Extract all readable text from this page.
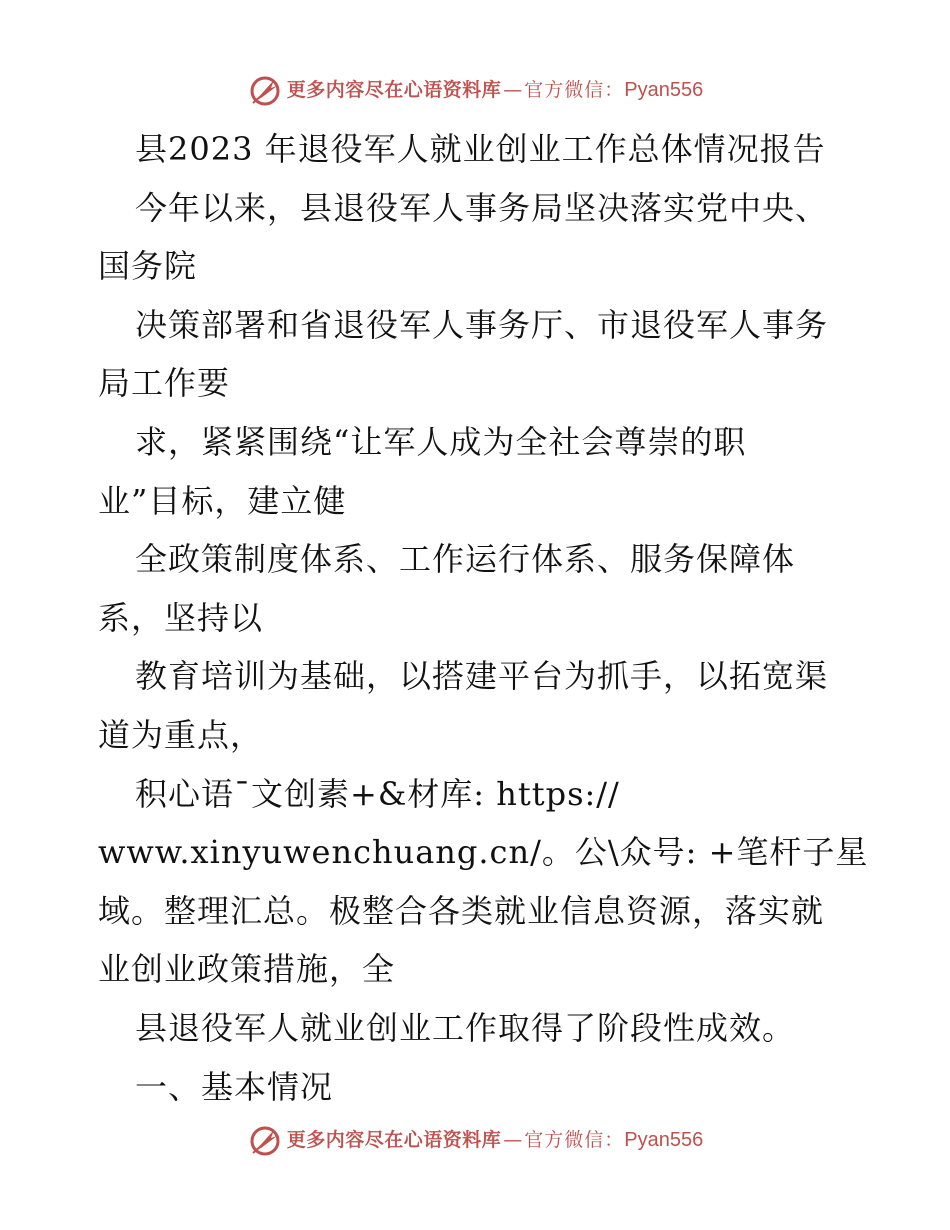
更多内容尽在心语资料库 — 官方微信： Pyan556
县2023 年退役军人就业创业工作总体情况报告
今年以来，县退役军人事务局坚决落实党中央、
国务院
决策部署和省退役军人事务厅、市退役军人事务
局工作要
求，紧紧围绕“让军人成为全社会尊崇的职
业”目标，建立健
全政策制度体系、工作运行体系、服务保障体
系，坚持以
教育培训为基础，以搭建平台为抓手，以拓宽渠
道为重点，
积心语¯文创素+&材库: https://
www.xinyuwenchuang.cn/。公\众号: +笔杆子星
域。整理汇总。极整合各类就业信息资源，落实就
业创业政策措施，全
县退役军人就业创业工作取得了阶段性成效。
一、基本情况
更多内容尽在心语资料库 — 官方微信： Pyan556
